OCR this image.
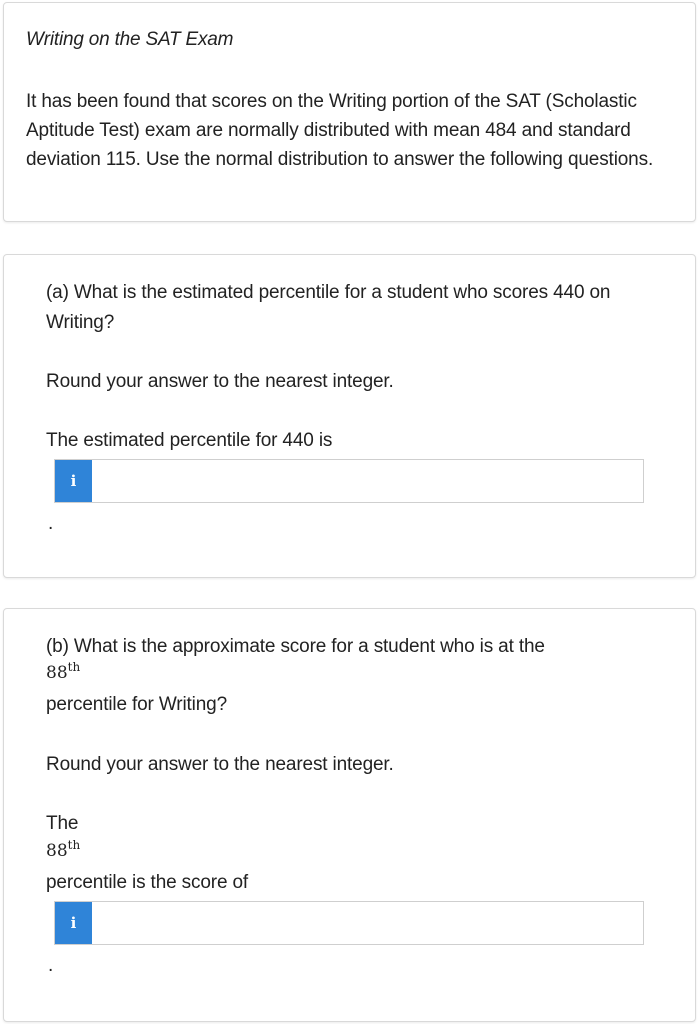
Writing on the SAT Exam
It has been found that scores on the Writing portion of the SAT (Scholastic Aptitude Test) exam are normally distributed with mean 484 and standard deviation 115. Use the normal distribution to answer the following questions.
(a) What is the estimated percentile for a student who scores 440 on Writing?
Round your answer to the nearest integer.
The estimated percentile for 440 is
i
.
(b) What is the approximate score for a student who is at the
88th
percentile for Writing?
Round your answer to the nearest integer.
The
88th
percentile is the score of
i
.
